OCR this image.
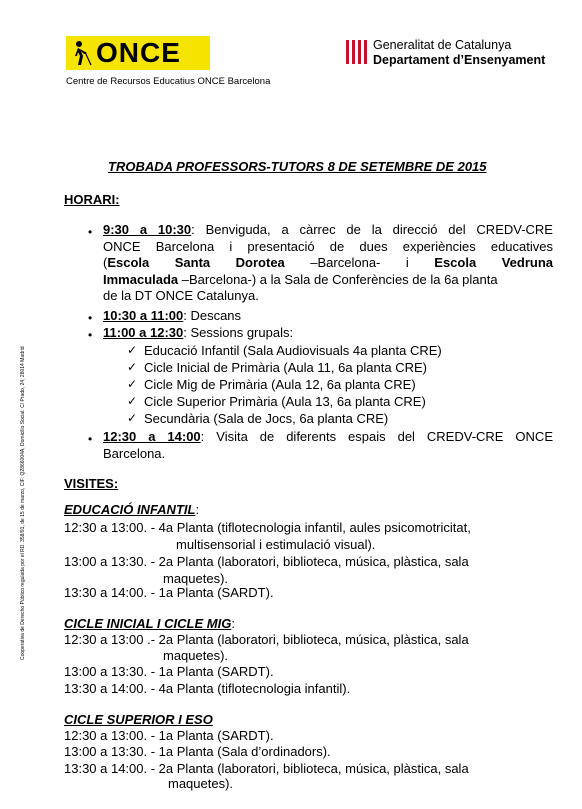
ONCE
Centre de Recursos Educatius ONCE Barcelona
Generalitat de Catalunya
Departament d’Ensenyament
Cooperativa de Derecho Público regulada por el RD. 358/91, de 15 de marzo, CIF: Q2866004A, Domicilio Social: C/ Prado, 24, 28014 Madrid
TROBADA PROFESSORS-TUTORS 8 DE SETEMBRE DE 2015
HORARI:
• 9:30 a 10:30: Benviguda, a càrrec de la direcció del CREDV-CRE
ONCE Barcelona i presentació de dues experiències educatives
(Escola Santa Dorotea –Barcelona- i Escola Vedruna
Immaculada –Barcelona-) a la Sala de Conferències de la 6a planta
de la DT ONCE Catalunya.
• 10:30 a 11:00: Descans
• 11:00 a 12:30: Sessions grupals:
✓ Educació Infantil (Sala Audiovisuals 4a planta CRE)
✓ Cicle Inicial de Primària (Aula 11, 6a planta CRE)
✓ Cicle Mig de Primària (Aula 12, 6a planta CRE)
✓ Cicle Superior Primària (Aula 13, 6a planta CRE)
✓ Secundària (Sala de Jocs, 6a planta CRE)
• 12:30 a 14:00: Visita de diferents espais del CREDV-CRE ONCE
Barcelona.
VISITES:
EDUCACIÓ INFANTIL:
12:30 a 13:00. - 4a Planta (tiflotecnologia infantil, aules psicomotricitat,
multisensorial i estimulació visual).
13:00 a 13:30. - 2a Planta (laboratori, biblioteca, música, plàstica, sala
maquetes).
13:30 a 14:00. - 1a Planta (SARDT).
CICLE INICIAL I CICLE MIG:
12:30 a 13:00 .- 2a Planta (laboratori, biblioteca, música, plàstica, sala
maquetes).
13:00 a 13:30. - 1a Planta (SARDT).
13:30 a 14:00. - 4a Planta (tiflotecnologia infantil).
CICLE SUPERIOR I ESO
12:30 a 13:00. - 1a Planta (SARDT).
13:00 a 13:30. - 1a Planta (Sala d’ordinadors).
13:30 a 14:00. - 2a Planta (laboratori, biblioteca, música, plàstica, sala
maquetes).
